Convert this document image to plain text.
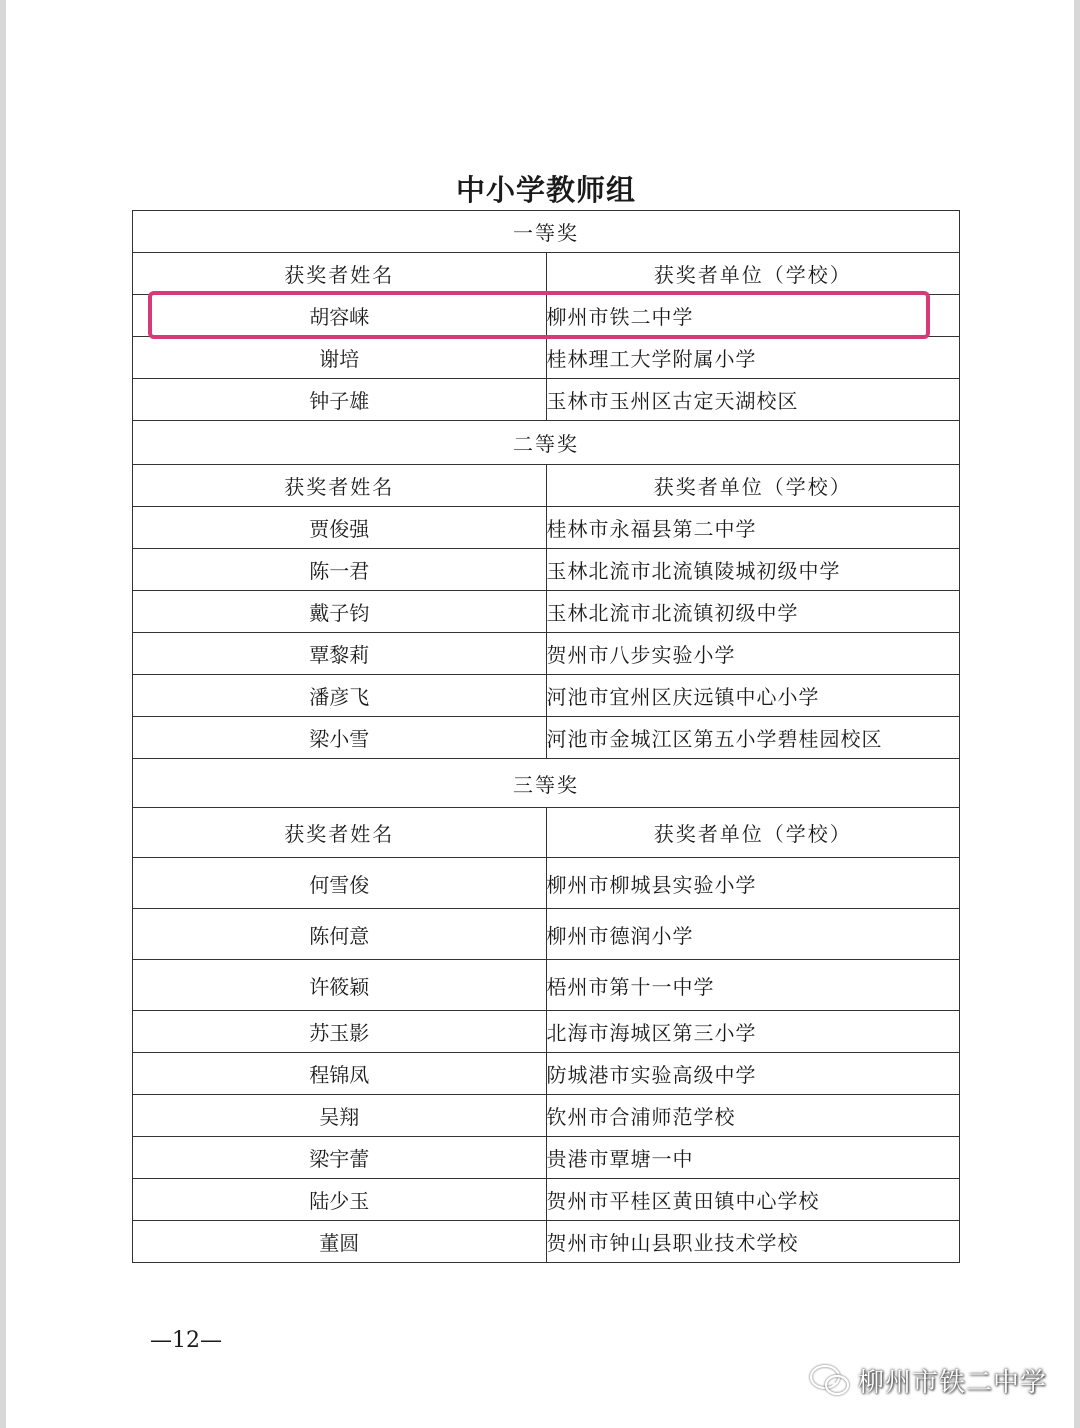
中小学教师组
一等奖	
获奖者姓名	获奖者单位（学校）
胡容崃	柳州市铁二中学
谢培	桂林理工大学附属小学
钟子雄	玉林市玉州区古定天湖校区
二等奖	
获奖者姓名	获奖者单位（学校）
贾俊强	桂林市永福县第二中学
陈一君	玉林北流市北流镇陵城初级中学
戴子钧	玉林北流市北流镇初级中学
覃黎莉	贺州市八步实验小学
潘彦飞	河池市宜州区庆远镇中心小学
梁小雪	河池市金城江区第五小学碧桂园校区
三等奖	
获奖者姓名	获奖者单位（学校）
何雪俊	柳州市柳城县实验小学
陈何意	柳州市德润小学
许筱颖	梧州市第十一中学
苏玉影	北海市海城区第三小学
程锦凤	防城港市实验高级中学
吴翔	钦州市合浦师范学校
梁宇蕾	贵港市覃塘一中
陆少玉	贺州市平桂区黄田镇中心学校
董圆	贺州市钟山县职业技术学校
—12—
柳州市铁二中学
